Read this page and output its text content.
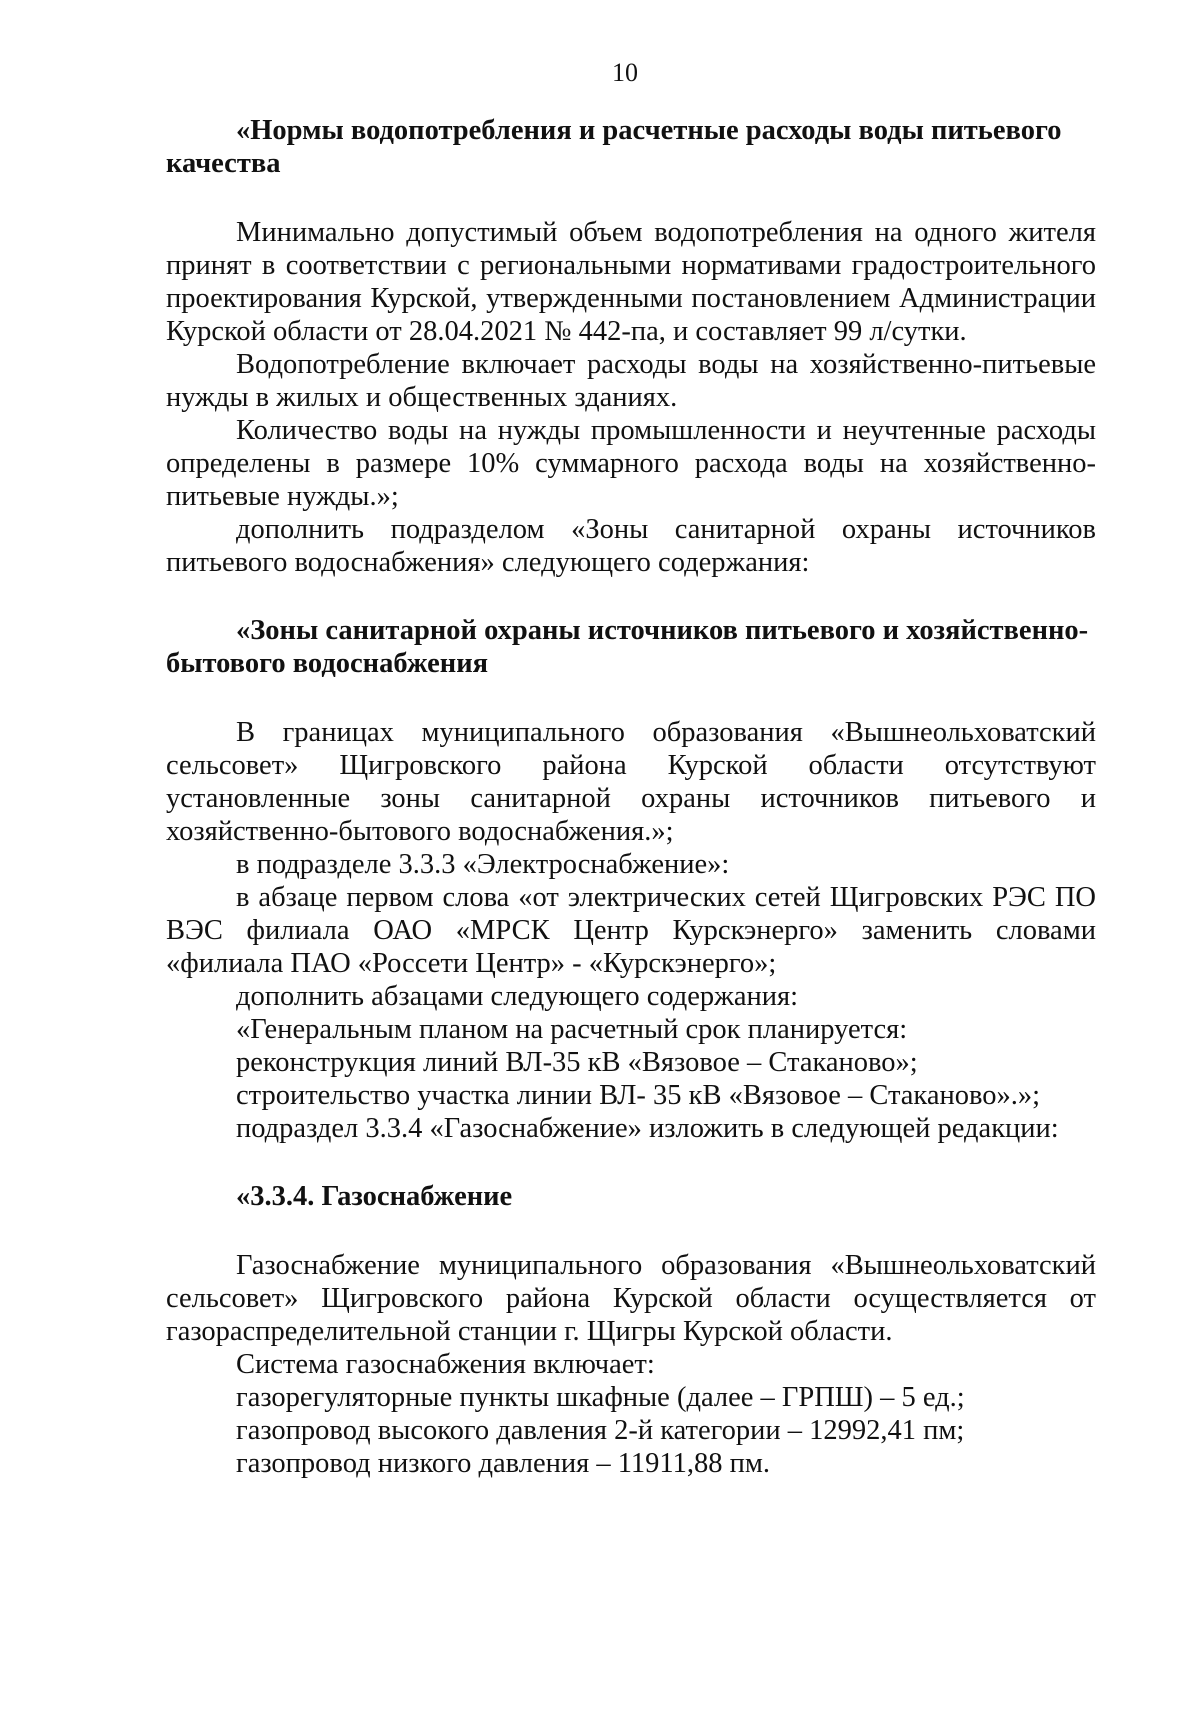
10

«Нормы водопотребления и расчетные расходы воды питьевого качества

Минимально допустимый объем водопотребления на одного жителя принят в соответствии с региональными нормативами градостроительного проектирования Курской, утвержденными постановлением Администрации Курской области от 28.04.2021 № 442-па, и составляет 99 л/сутки.

Водопотребление включает расходы воды на хозяйственно-питьевые нужды в жилых и общественных зданиях.

Количество воды на нужды промышленности и неучтенные расходы определены в размере 10% суммарного расхода воды на хозяйственно-питьевые нужды.»;

дополнить подразделом «Зоны санитарной охраны источников питьевого водоснабжения» следующего содержания:

«Зоны санитарной охраны источников питьевого и хозяйственно-бытового водоснабжения

В границах муниципального образования «Вышнеольховатский сельсовет» Щигровского района Курской области отсутствуют установленные зоны санитарной охраны источников питьевого и хозяйственно-бытового водоснабжения.»;

в подразделе 3.3.3 «Электроснабжение»:

в абзаце первом слова «от электрических сетей Щигровских РЭС ПО ВЭС филиала ОАО «МРСК Центр Курскэнерго» заменить словами «филиала ПАО «Россети Центр» - «Курскэнерго»;

дополнить абзацами следующего содержания:

«Генеральным планом на расчетный срок планируется:

реконструкция линий ВЛ-35 кВ «Вязовое – Стаканово»;

строительство участка линии ВЛ- 35 кВ «Вязовое – Стаканово».»;

подраздел 3.3.4 «Газоснабжение» изложить в следующей редакции:

«3.3.4. Газоснабжение

Газоснабжение муниципального образования «Вышнеольховатский сельсовет» Щигровского района Курской области осуществляется от газораспределительной станции г. Щигры Курской области.

Система газоснабжения включает:

газорегуляторные пункты шкафные (далее – ГРПШ) – 5 ед.;

газопровод высокого давления 2-й категории – 12992,41 пм;

газопровод низкого давления – 11911,88 пм.
